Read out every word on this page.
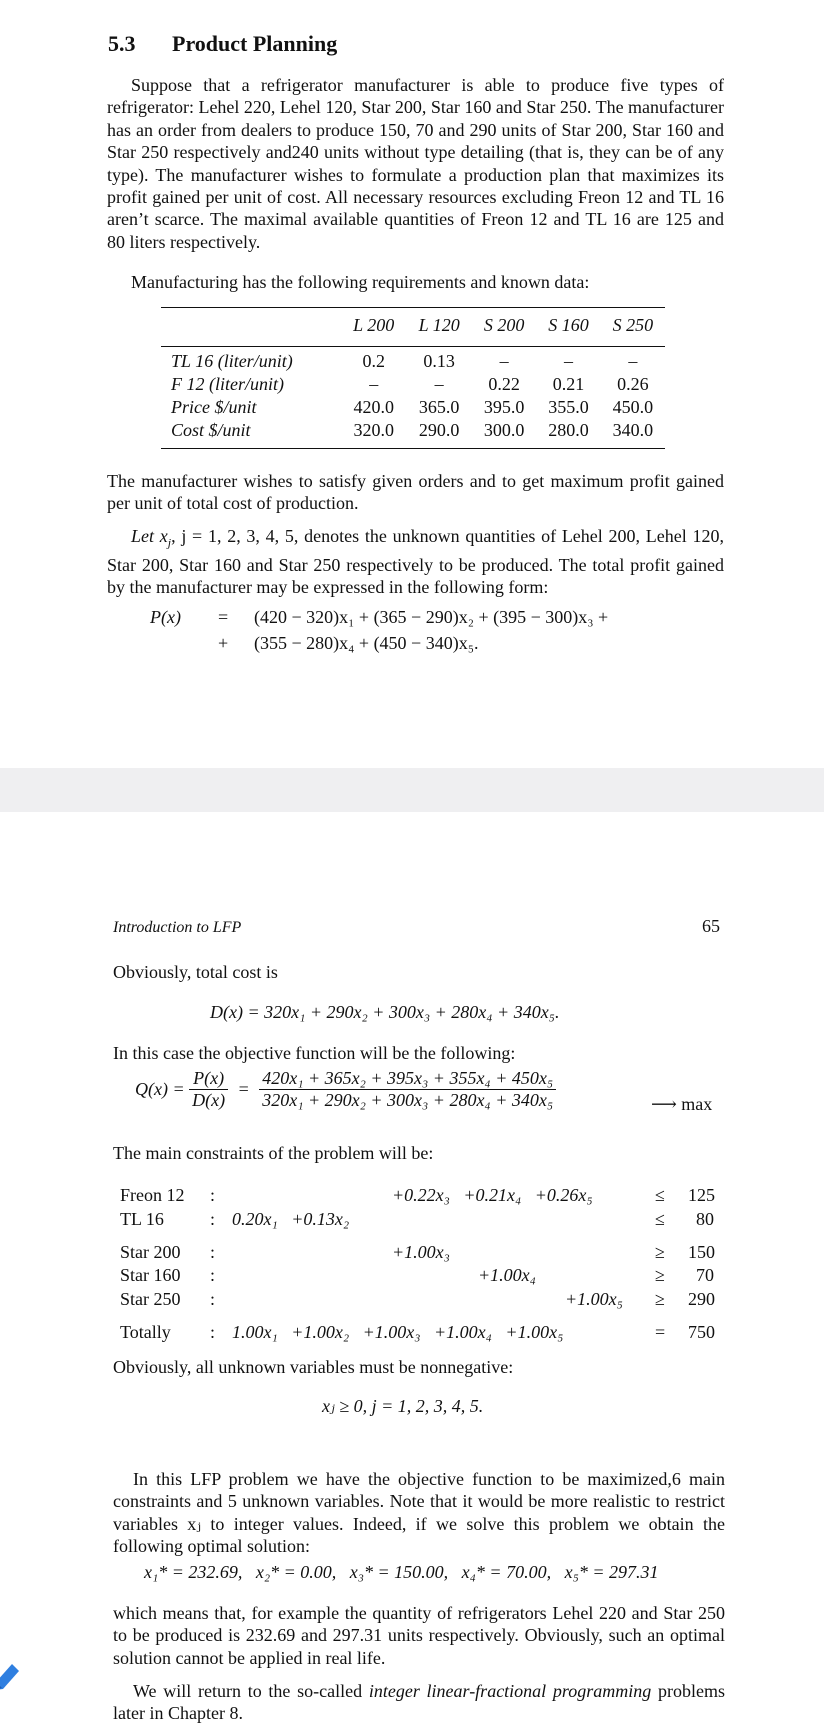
5.3 Product Planning

Suppose that a refrigerator manufacturer is able to produce five types of refrigerator: Lehel 220, Lehel 120, Star 200, Star 160 and Star 250. The manufacturer has an order from dealers to produce 150, 70 and 290 units of Star 200, Star 160 and Star 250 respectively and240 units without type detailing (that is, they can be of any type). The manufacturer wishes to formulate a production plan that maximizes its profit gained per unit of cost. All necessary resources excluding Freon 12 and TL 16 aren’t scarce. The maximal available quantities of Freon 12 and TL 16 are 125 and 80 liters respectively.

Manufacturing has the following requirements and known data:

	L 200	L 120	S 200	S 160	S 250
TL 16 (liter/unit)	0.2	0.13	–	–	–
F 12 (liter/unit)	–	–	0.22	0.21	0.26
Price $/unit	420.0	365.0	395.0	355.0	450.0
Cost $/unit	320.0	290.0	300.0	280.0	340.0

The manufacturer wishes to satisfy given orders and to get maximum profit gained per unit of total cost of production.

Let $x_j$, j = 1, 2, 3, 4, 5, denotes the unknown quantities of Lehel 200, Lehel 120, Star 200, Star 160 and Star 250 respectively to be produced. The total profit gained by the manufacturer may be expressed in the following form:

P(x) = (420 − 320)x₁ + (365 − 290)x₂ + (395 − 300)x₃ +
+ (355 − 280)x₄ + (450 − 340)x₅.
Introduction to LFP	65

Obviously, total cost is

D(x) = 320x₁ + 290x₂ + 300x₃ + 280x₄ + 340x₅.

In this case the objective function will be the following:

$Q(x) = \frac{P(x)}{D(x)} = \frac{\text{420x₁ + 365x₂ + 395x₃ + 355x₄ + 450x₅}}{\text{320x₁ + 290x₂ + 300x₃ + 280x₄ + 340x₅}}$	⟶ max

The main constraints of the problem will be:

Freon 12 :	+0.22x₃   +0.21x₄   +0.26x₅	≤ 125
TL 16	: 0.20x₁   +0.13x₂	≤ 80
Star 200 :	+1.00x₃	≥ 150
Star 160 :	+1.00x₄	≥ 70
Star 250 :	+1.00x₅ ≥ 290
Totally : 1.00x₁   +1.00x₂   +1.00x₃   +1.00x₄   +1.00x₅	= 750

Obviously, all unknown variables must be nonnegative:

xⱼ ≥ 0, j = 1, 2, 3, 4, 5.

In this LFP problem we have the objective function to be maximized,6 main constraints and 5 unknown variables. Note that it would be more realistic to restrict variables xⱼ to integer values. Indeed, if we solve this problem we obtain the following optimal solution:

x₁* = 232.69,   x₂* = 0.00,   x₃* = 150.00,   x₄* = 70.00,   x₅* = 297.31

which means that, for example the quantity of refrigerators Lehel 220 and Star 250 to be produced is 232.69 and 297.31 units respectively. Obviously, such an optimal solution cannot be applied in real life.

We will return to the so-called integer linear-fractional programming problems later in Chapter 8.
